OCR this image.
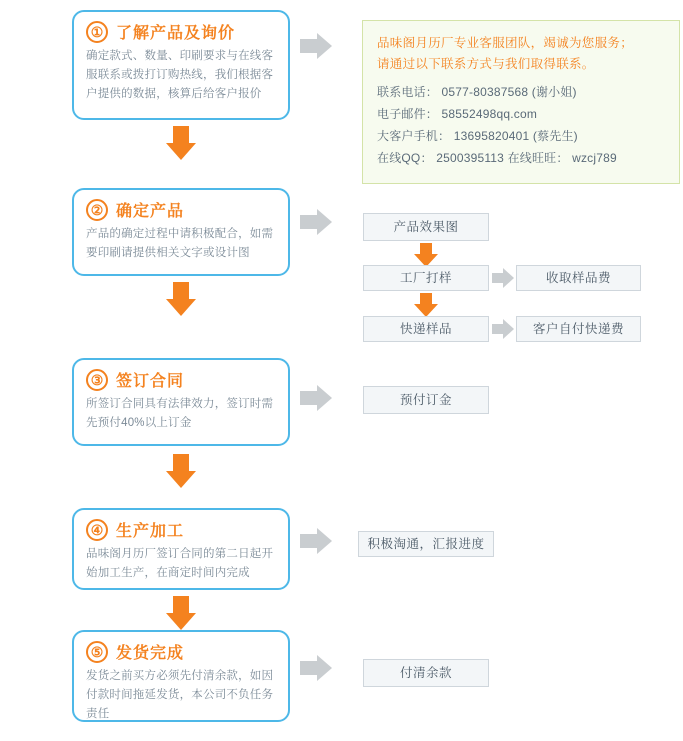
① 了解产品及询价
确定款式、数量、印刷要求与在线客服联系或拨打订购热线，我们根据客户提供的数据，核算后给客户报价
品味阁月历厂专业客服团队，竭诚为您服务；
请通过以下联系方式与我们取得联系。
联系电话： 0577-80387568 (谢小姐)
电子邮件： 58552498qq.com
大客户手机： 13695820401 (蔡先生)
在线QQ： 2500395113 在线旺旺： wzcj789
② 确定产品
产品的确定过程中请积极配合，如需要印刷请提供相关文字或设计图
产品效果图
工厂打样	收取样品费
快递样品	客户自付快递费
③ 签订合同
所签订合同具有法律效力，签订时需先预付40%以上订金
预付订金
④ 生产加工
品味阁月历厂签订合同的第二日起开始加工生产，在商定时间内完成
积极淘通，汇报进度
⑤ 发货完成
发货之前买方必须先付清余款，如因付款时间拖延发货，本公司不负任务责任
付清余款
